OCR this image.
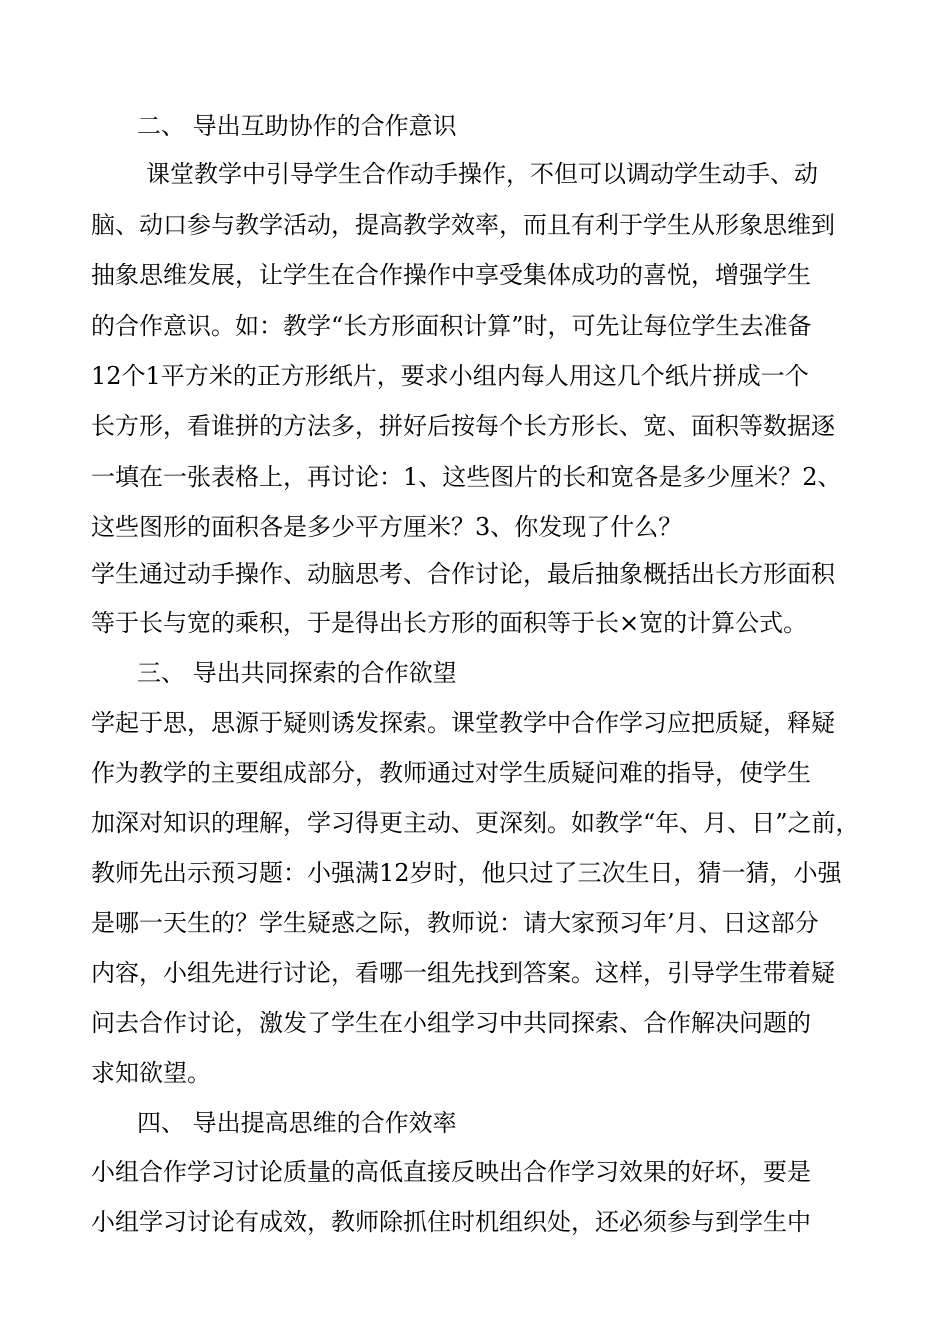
二、 导出互助协作的合作意识

课堂教学中引导学生合作动手操作，不但可以调动学生动手、动

脑、动口参与教学活动，提高教学效率，而且有利于学生从形象思维到

抽象思维发展，让学生在合作操作中享受集体成功的喜悦，增强学生

的合作意识。如：教学“长方形面积计算”时，可先让每位学生去准备

12个1平方米的正方形纸片，要求小组内每人用这几个纸片拼成一个

长方形，看谁拼的方法多，拼好后按每个长方形长、宽、面积等数据逐

一填在一张表格上，再讨论：1、这些图片的长和宽各是多少厘米？2、

这些图形的面积各是多少平方厘米？3、你发现了什么？

学生通过动手操作、动脑思考、合作讨论，最后抽象概括出长方形面积

等于长与宽的乘积，于是得出长方形的面积等于长×宽的计算公式。

三、 导出共同探索的合作欲望

学起于思，思源于疑则诱发探索。课堂教学中合作学习应把质疑，释疑

作为教学的主要组成部分，教师通过对学生质疑问难的指导，使学生

加深对知识的理解，学习得更主动、更深刻。如教学“年、月、日”之前，

教师先出示预习题：小强满12岁时，他只过了三次生日，猜一猜，小强

是哪一天生的？学生疑惑之际，教师说：请大家预习年’月、日这部分

内容，小组先进行讨论，看哪一组先找到答案。这样，引导学生带着疑

问去合作讨论，激发了学生在小组学习中共同探索、合作解决问题的

求知欲望。

四、 导出提高思维的合作效率

小组合作学习讨论质量的高低直接反映出合作学习效果的好坏，要是

小组学习讨论有成效，教师除抓住时机组织处，还必须参与到学生中
